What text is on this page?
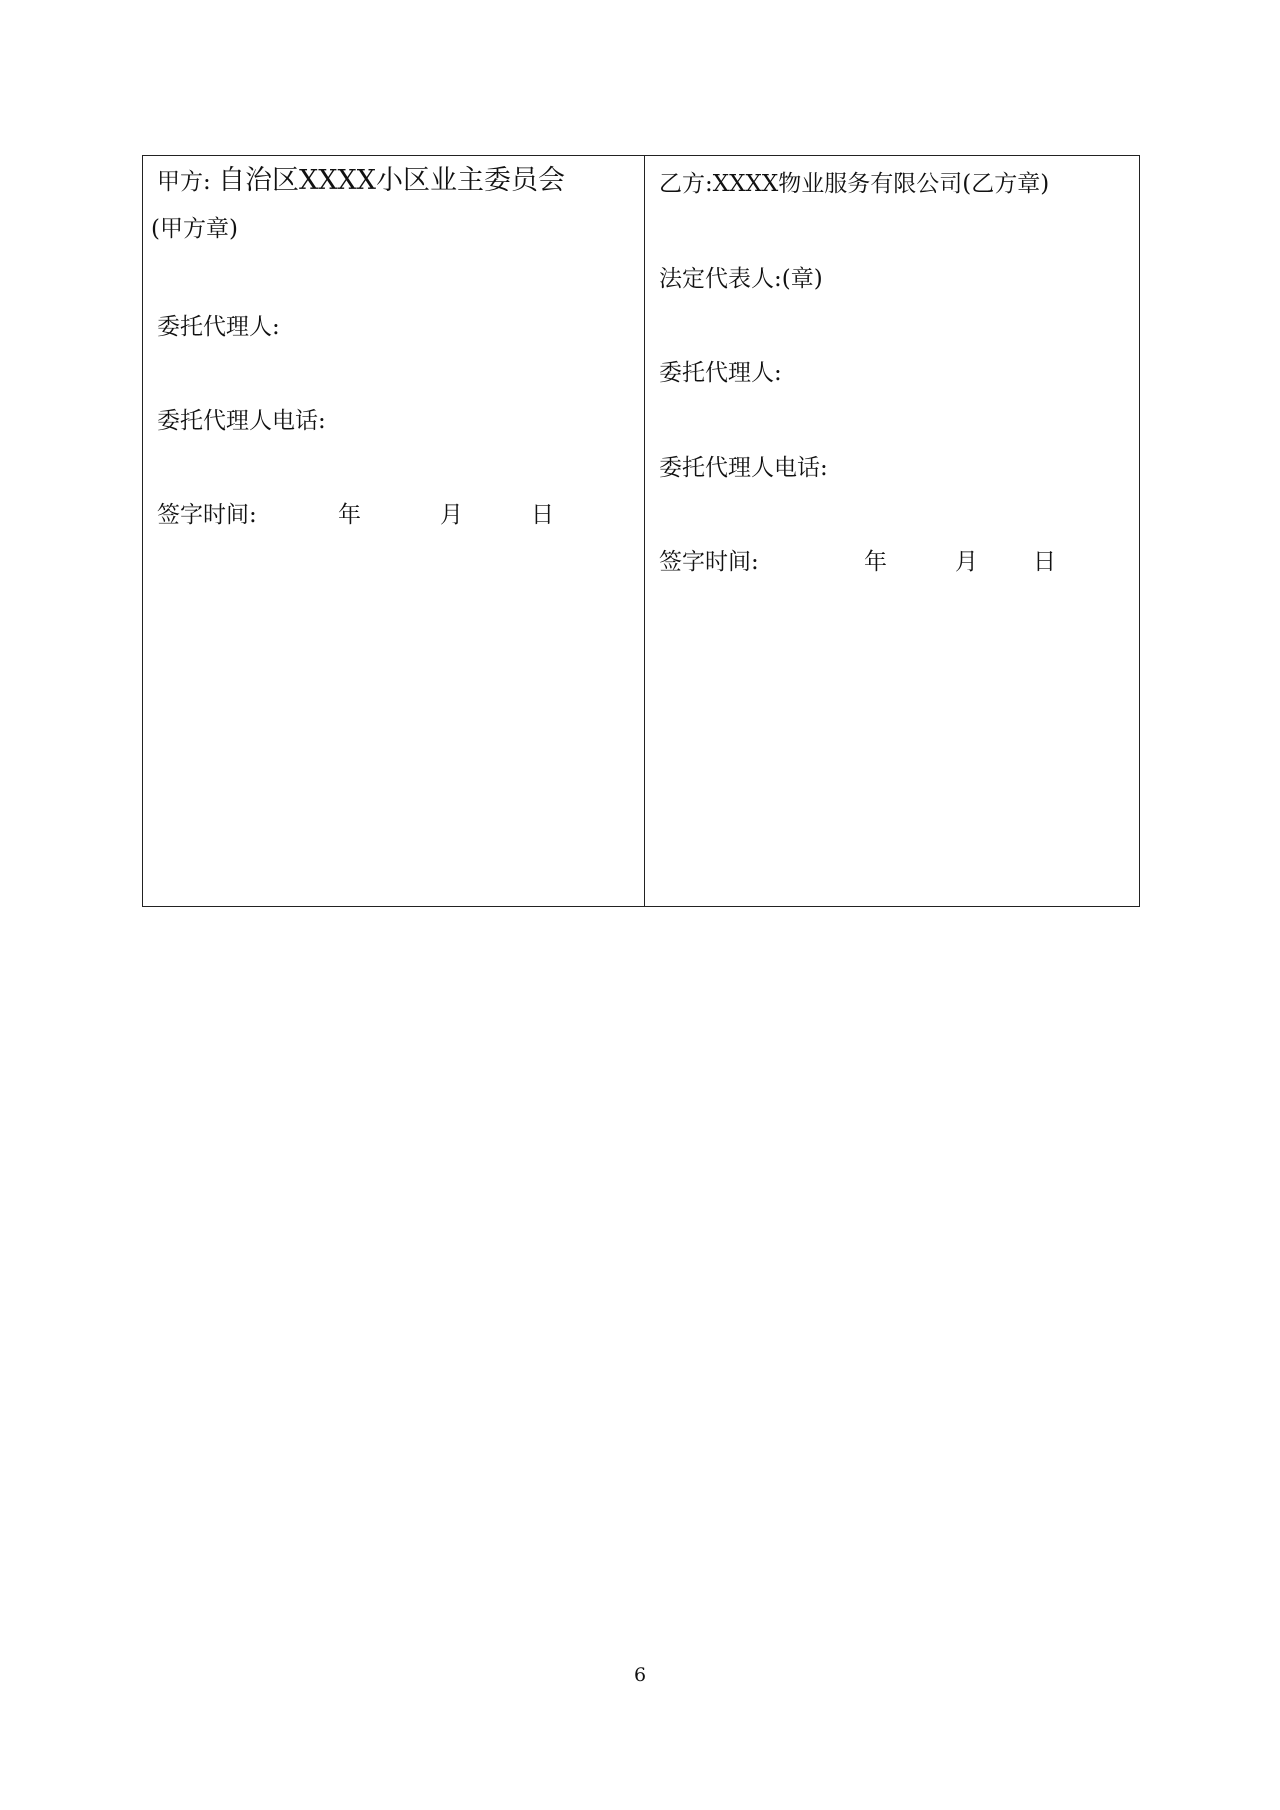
甲方: 自治区XXXX小区业主委员会
(甲方章)
委托代理人:
委托代理人电话:
签字时间:	年	月	日
乙方:XXXX物业服务有限公司(乙方章)
法定代表人:(章)
委托代理人:
委托代理人电话:
签字时间:	年	月 日
6
